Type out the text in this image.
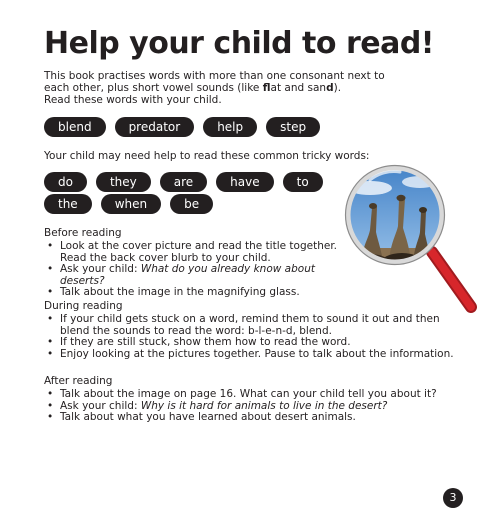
Help your child to read!

This book practises words with more than one consonant next to

each other, plus short vowel sounds (like flat and sand).

Read these words with your child.

blend	predator	help	step

Your child may need help to read these common tricky words:

do	they	are	have	to
the	when	be
Before reading
• Look at the cover picture and read the title together.
Read the back cover blurb to your child.
• Ask your child: What do you already know about deserts?
• Talk about the image in the magnifying glass.
During reading
• If your child gets stuck on a word, remind them to sound it out and then
blend the sounds to read the word: b-l-e-n-d, blend.
• If they are still stuck, show them how to read the word.
• Enjoy looking at the pictures together. Pause to talk about the information.
After reading
• Talk about the image on page 16. What can your child tell you about it?
• Ask your child: Why is it hard for animals to live in the desert?
• Talk about what you have learned about desert animals.
3
